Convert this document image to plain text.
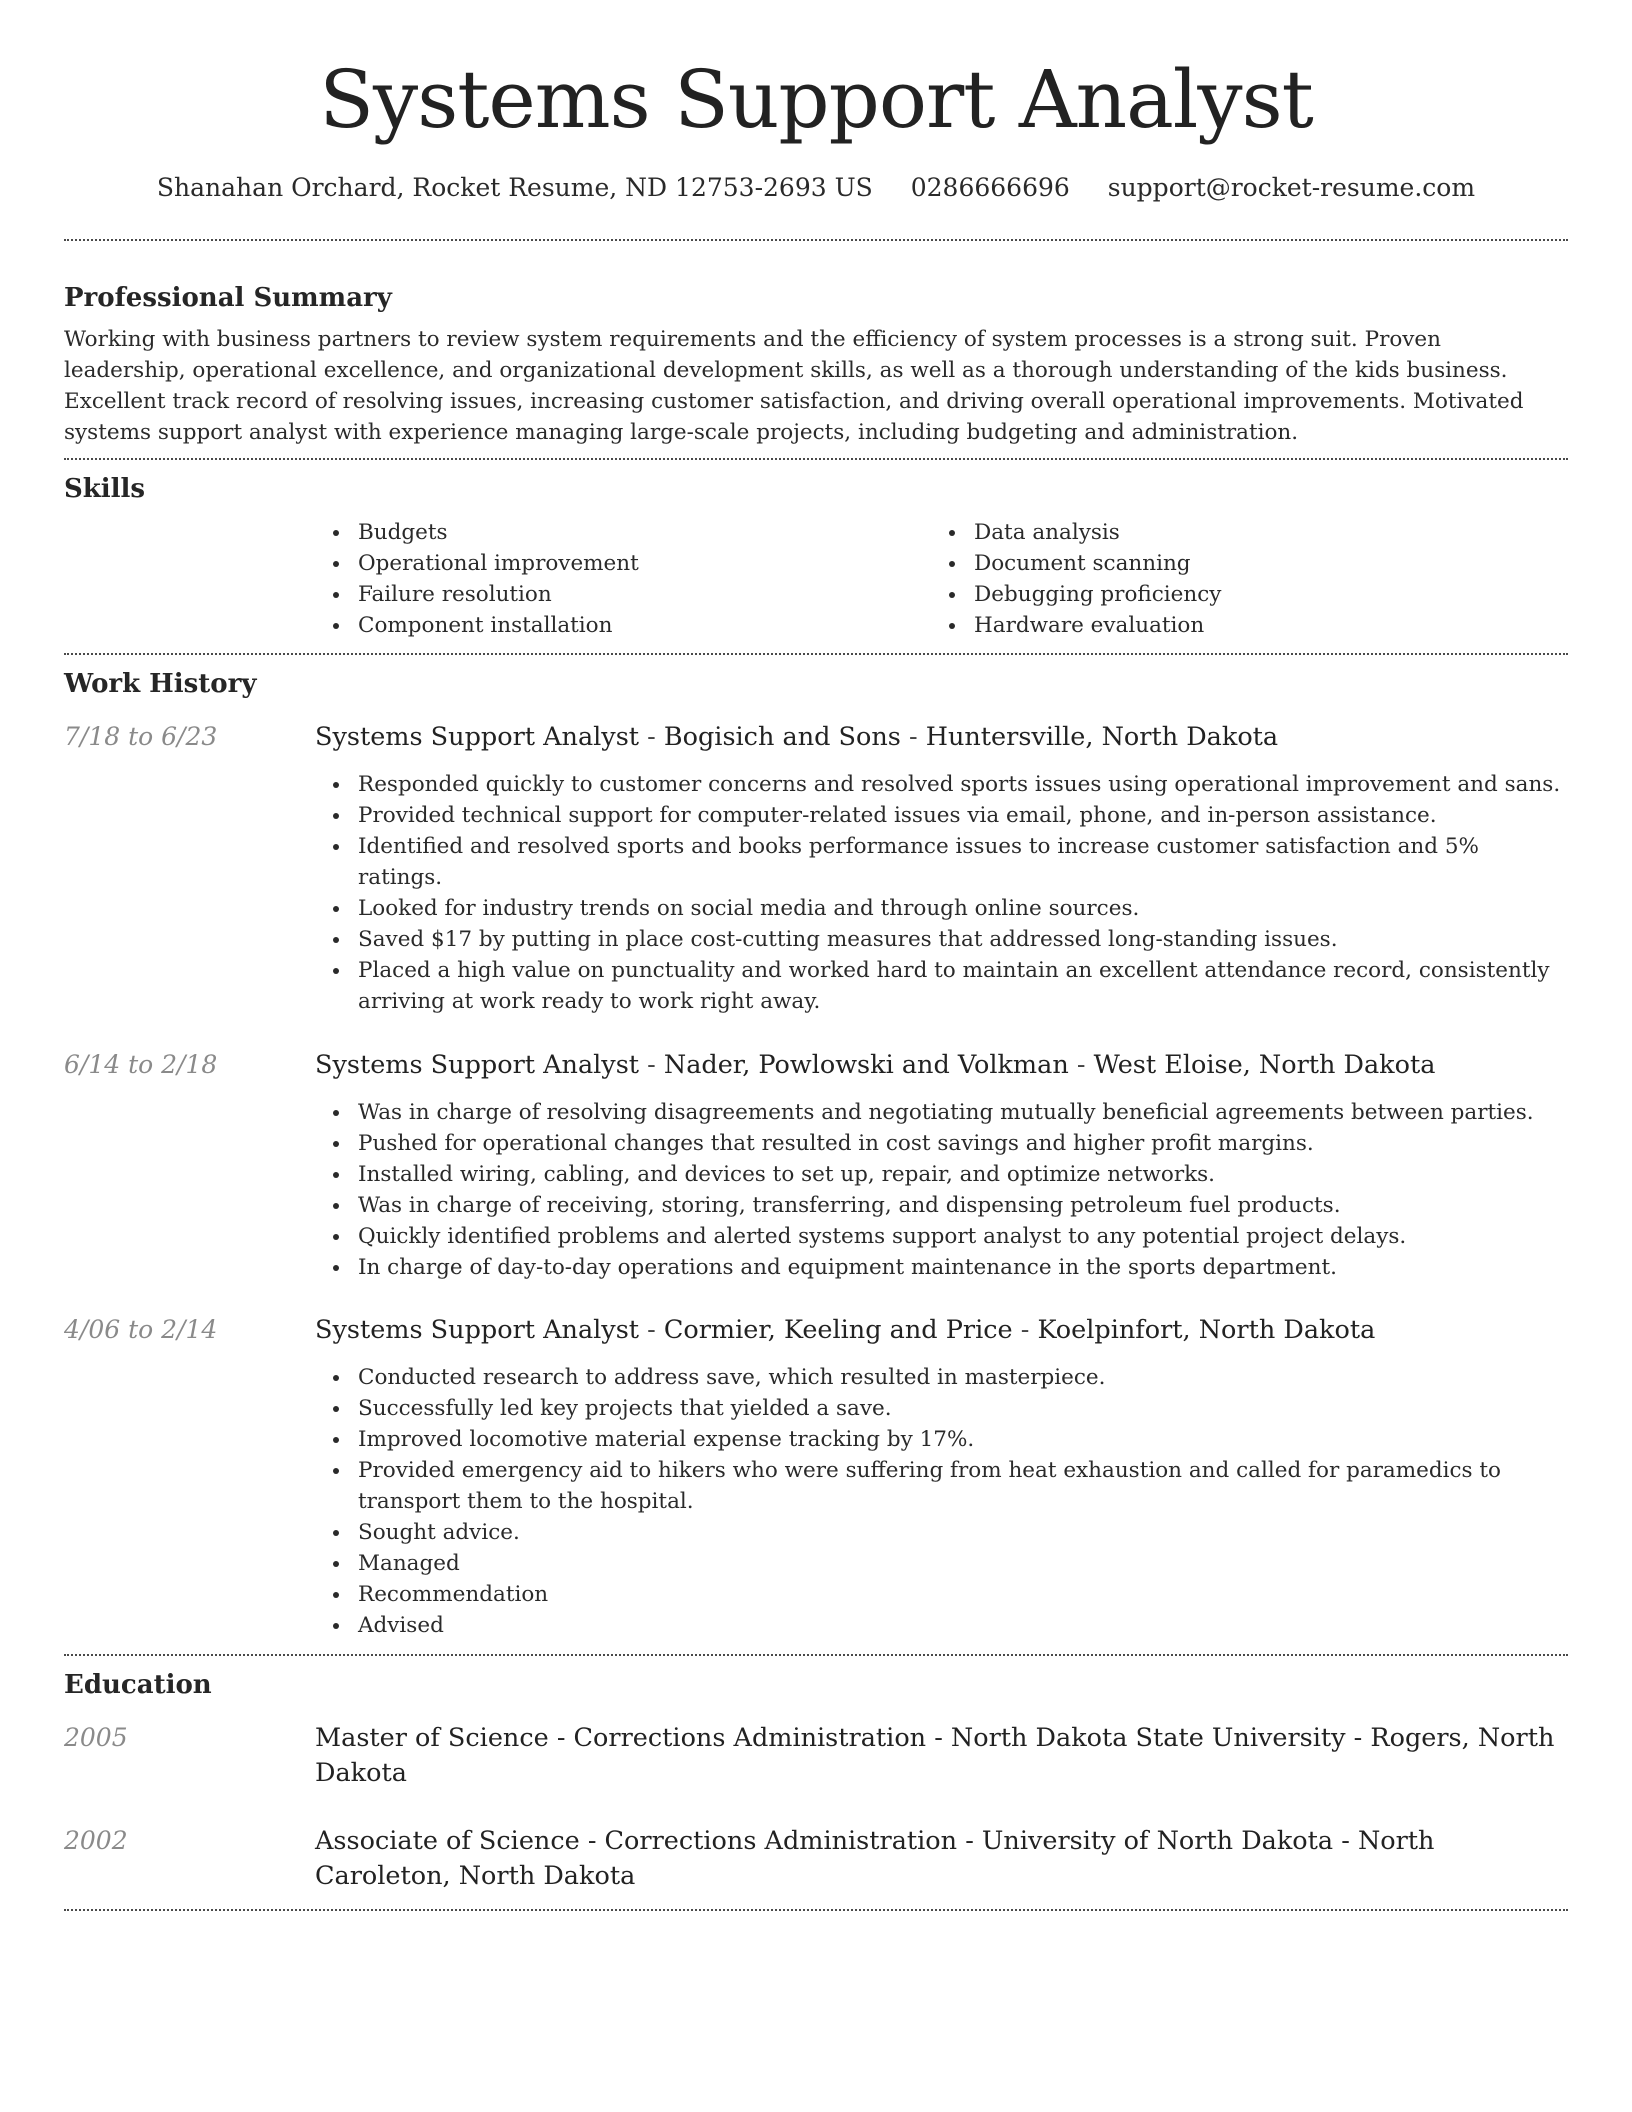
Systems Support Analyst
Shanahan Orchard, Rocket Resume, ND 12753-2693 US 0286666696 support@rocket-resume.com
Professional Summary

Working with business partners to review system requirements and the efficiency of system processes is a strong suit. Proven leadership, operational excellence, and organizational development skills, as well as a thorough understanding of the kids business. Excellent track record of resolving issues, increasing customer satisfaction, and driving overall operational improvements. Motivated systems support analyst with experience managing large-scale projects, including budgeting and administration.

Skills
Budgets
Operational improvement
Failure resolution
Component installation
Data analysis
Document scanning
Debugging proficiency
Hardware evaluation
Work History
7/18 to 6/23	Systems Support Analyst - Bogisich and Sons - Huntersville, North Dakota

Responded quickly to customer concerns and resolved sports issues using operational improvement and sans.
Provided technical support for computer-related issues via email, phone, and in-person assistance.
Identified and resolved sports and books performance issues to increase customer satisfaction and 5% ratings.
Looked for industry trends on social media and through online sources.
Saved $17 by putting in place cost-cutting measures that addressed long-standing issues.
Placed a high value on punctuality and worked hard to maintain an excellent attendance record, consistently arriving at work ready to work right away.
6/14 to 2/18	Systems Support Analyst - Nader, Powlowski and Volkman - West Eloise, North Dakota

Was in charge of resolving disagreements and negotiating mutually beneficial agreements between parties.
Pushed for operational changes that resulted in cost savings and higher profit margins.
Installed wiring, cabling, and devices to set up, repair, and optimize networks.
Was in charge of receiving, storing, transferring, and dispensing petroleum fuel products.
Quickly identified problems and alerted systems support analyst to any potential project delays.
In charge of day-to-day operations and equipment maintenance in the sports department.
4/06 to 2/14	Systems Support Analyst - Cormier, Keeling and Price - Koelpinfort, North Dakota

Conducted research to address save, which resulted in masterpiece.
Successfully led key projects that yielded a save.
Improved locomotive material expense tracking by 17%.
Provided emergency aid to hikers who were suffering from heat exhaustion and called for paramedics to transport them to the hospital.
Sought advice.
Managed
Recommendation
Advised
Education
2005	Master of Science - Corrections Administration - North Dakota State University - Rogers, North Dakota

2002	Associate of Science - Corrections Administration - University of North Dakota - North Caroleton, North Dakota
